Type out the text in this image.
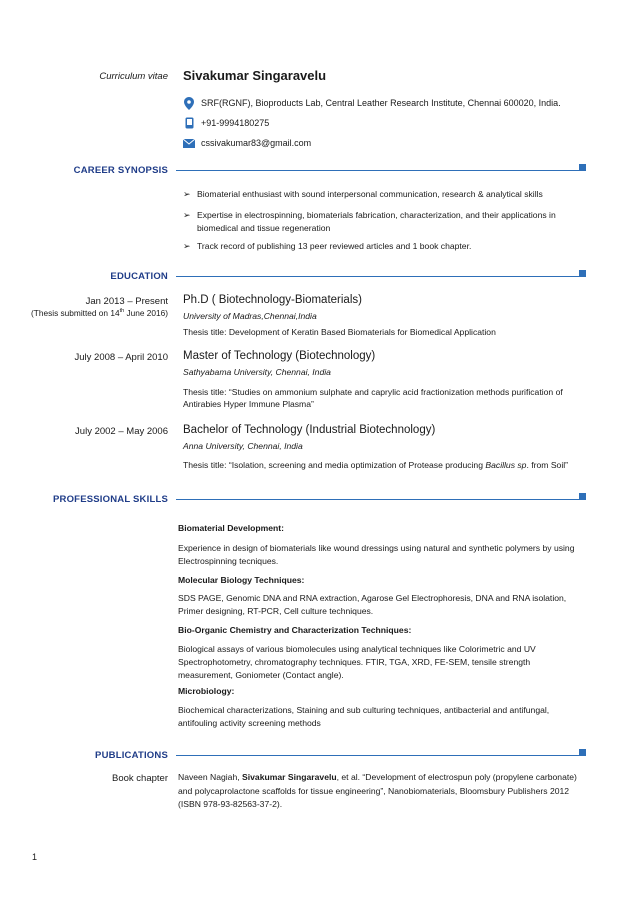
Curriculum vitae Sivakumar Singaravelu
SRF(RGNF), Bioproducts Lab, Central Leather Research Institute, Chennai 600020, India.
+91-9994180275
cssivakumar83@gmail.com
CAREER SYNOPSIS
➢ Biomaterial enthusiast with sound interpersonal communication, research & analytical skills
➢ Expertise in electrospinning, biomaterials fabrication, characterization, and their applications in biomedical and tissue regeneration
➢ Track record of publishing 13 peer reviewed articles and 1 book chapter.
EDUCATION
Jan 2013 – Present
(Thesis submitted on 14th June 2016)
Ph.D ( Biotechnology-Biomaterials)
University of Madras,Chennai,India
Thesis title: Development of Keratin Based Biomaterials for Biomedical Application
July 2008 – April 2010 Master of Technology (Biotechnology)
Sathyabama University, Chennai, India
Thesis title: “Studies on ammonium sulphate and caprylic acid fractionization methods purification of Antirabies Hyper Immune Plasma”
July 2002 – May 2006 Bachelor of Technology (Industrial Biotechnology)
Anna University, Chennai, India
Thesis title: “Isolation, screening and media optimization of Protease producing Bacillus sp. from Soil”
PROFESSIONAL SKILLS
Biomaterial Development:
Experience in design of biomaterials like wound dressings using natural and synthetic polymers by using Electrospinning tecniques.
Molecular Biology Techniques:
SDS PAGE, Genomic DNA and RNA extraction, Agarose Gel Electrophoresis, DNA and RNA isolation, Primer designing, RT-PCR, Cell culture techniques.
Bio-Organic Chemistry and Characterization Techniques:
Biological assays of various biomolecules using analytical techniques like Colorimetric and UV Spectrophotometry, chromatography techniques. FTIR, TGA, XRD, FE-SEM, tensile strength measurement, Goniometer (Contact angle).
Microbiology:
Biochemical characterizations, Staining and sub culturing techniques, antibacterial and antifungal, antifouling activity screening methods
PUBLICATIONS
Book chapter Naveen Nagiah, Sivakumar Singaravelu, et al. “Development of electrospun poly (propylene carbonate) and polycaprolactone scaffolds for tissue engineering”, Nanobiomaterials, Bloomsbury Publishers 2012 (ISBN 978-93-82563-37-2).
1
